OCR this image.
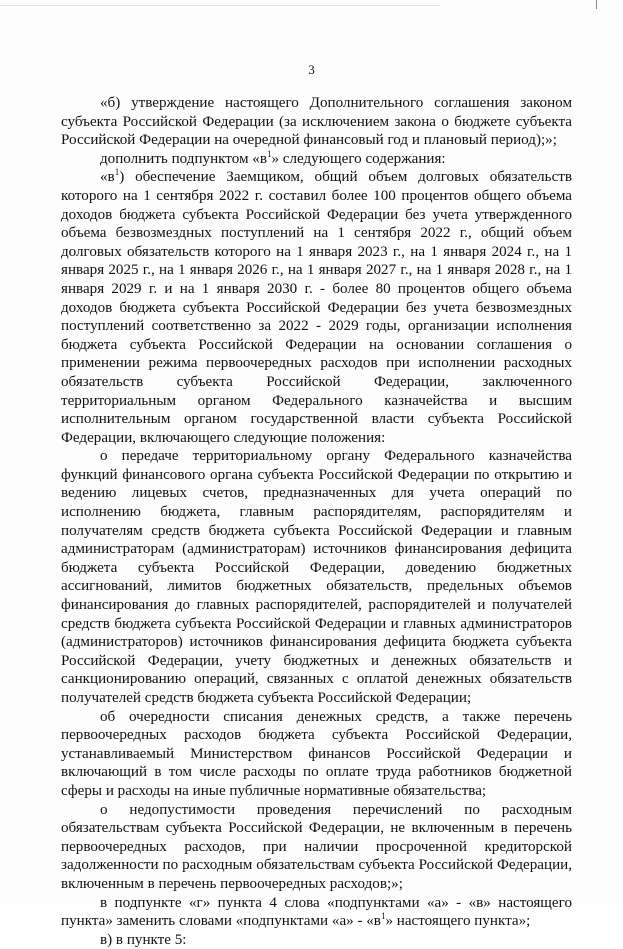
3

«б) утверждение настоящего Дополнительного соглашения законом субъекта Российской Федерации (за исключением закона о бюджете субъекта Российской Федерации на очередной финансовый год и плановый период);»;

дополнить подпунктом «$в^1$» следующего содержания:

«$в^1$) обеспечение Заемщиком, общий объем долговых обязательств которого на 1 сентября 2022 г. составил более 100 процентов общего объема доходов бюджета субъекта Российской Федерации без учета утвержденного объема безвозмездных поступлений на 1 сентября 2022 г., общий объем долговых обязательств которого на 1 января 2023 г., на 1 января 2024 г., на 1 января 2025 г., на 1 января 2026 г., на 1 января 2027 г., на 1 января 2028 г., на 1 января 2029 г. и на 1 января 2030 г. - более 80 процентов общего объема доходов бюджета субъекта Российской Федерации без учета безвозмездных поступлений соответственно за 2022 - 2029 годы, организации исполнения бюджета субъекта Российской Федерации на основании соглашения о применении режима первоочередных расходов при исполнении расходных обязательств субъекта Российской Федерации, заключенного территориальным органом Федерального казначейства и высшим исполнительным органом государственной власти субъекта Российской Федерации, включающего следующие положения:

о передаче территориальному органу Федерального казначейства функций финансового органа субъекта Российской Федерации по открытию и ведению лицевых счетов, предназначенных для учета операций по исполнению бюджета, главным распорядителям, распорядителям и получателям средств бюджета субъекта Российской Федерации и главным администраторам (администраторам) источников финансирования дефицита бюджета субъекта Российской Федерации, доведению бюджетных ассигнований, лимитов бюджетных обязательств, предельных объемов финансирования до главных распорядителей, распорядителей и получателей средств бюджета субъекта Российской Федерации и главных администраторов (администраторов) источников финансирования дефицита бюджета субъекта Российской Федерации, учету бюджетных и денежных обязательств и санкционированию операций, связанных с оплатой денежных обязательств получателей средств бюджета субъекта Российской Федерации;

об очередности списания денежных средств, а также перечень первоочередных расходов бюджета субъекта Российской Федерации, устанавливаемый Министерством финансов Российской Федерации и включающий в том числе расходы по оплате труда работников бюджетной сферы и расходы на иные публичные нормативные обязательства;

о недопустимости проведения перечислений по расходным обязательствам субъекта Российской Федерации, не включенным в перечень первоочередных расходов, при наличии просроченной кредиторской задолженности по расходным обязательствам субъекта Российской Федерации, включенным в перечень первоочередных расходов;»;

в подпункте «г» пункта 4 слова «подпунктами «а» - «в» настоящего пункта» заменить словами «подпунктами «а» - «$в^1$» настоящего пункта»;

в) в пункте 5:
